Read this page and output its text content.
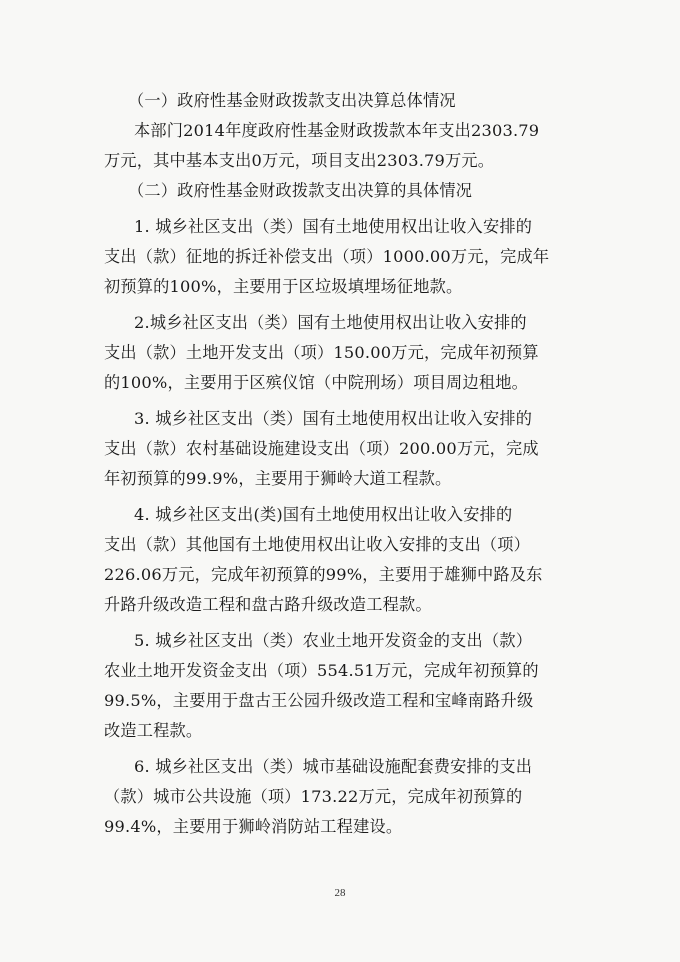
（一）政府性基金财政拨款支出决算总体情况

本部门2014年度政府性基金财政拨款本年支出2303.79
万元，其中基本支出0万元，项目支出2303.79万元。

（二）政府性基金财政拨款支出决算的具体情况

1. 城乡社区支出（类）国有土地使用权出让收入安排的
支出（款）征地的拆迁补偿支出（项）1000.00万元，完成年
初预算的100%，主要用于区垃圾填埋场征地款。

2.城乡社区支出（类）国有土地使用权出让收入安排的
支出（款）土地开发支出（项）150.00万元，完成年初预算
的100%，主要用于区殡仪馆（中院刑场）项目周边租地。

3. 城乡社区支出（类）国有土地使用权出让收入安排的
支出（款）农村基础设施建设支出（项）200.00万元，完成
年初预算的99.9%，主要用于狮岭大道工程款。

4. 城乡社区支出(类)国有土地使用权出让收入安排的
支出（款）其他国有土地使用权出让收入安排的支出（项）
226.06万元，完成年初预算的99%，主要用于雄狮中路及东
升路升级改造工程和盘古路升级改造工程款。

5. 城乡社区支出（类）农业土地开发资金的支出（款）
农业土地开发资金支出（项）554.51万元，完成年初预算的
99.5%，主要用于盘古王公园升级改造工程和宝峰南路升级
改造工程款。

6. 城乡社区支出（类）城市基础设施配套费安排的支出
（款）城市公共设施（项）173.22万元，完成年初预算的
99.4%，主要用于狮岭消防站工程建设。

28
